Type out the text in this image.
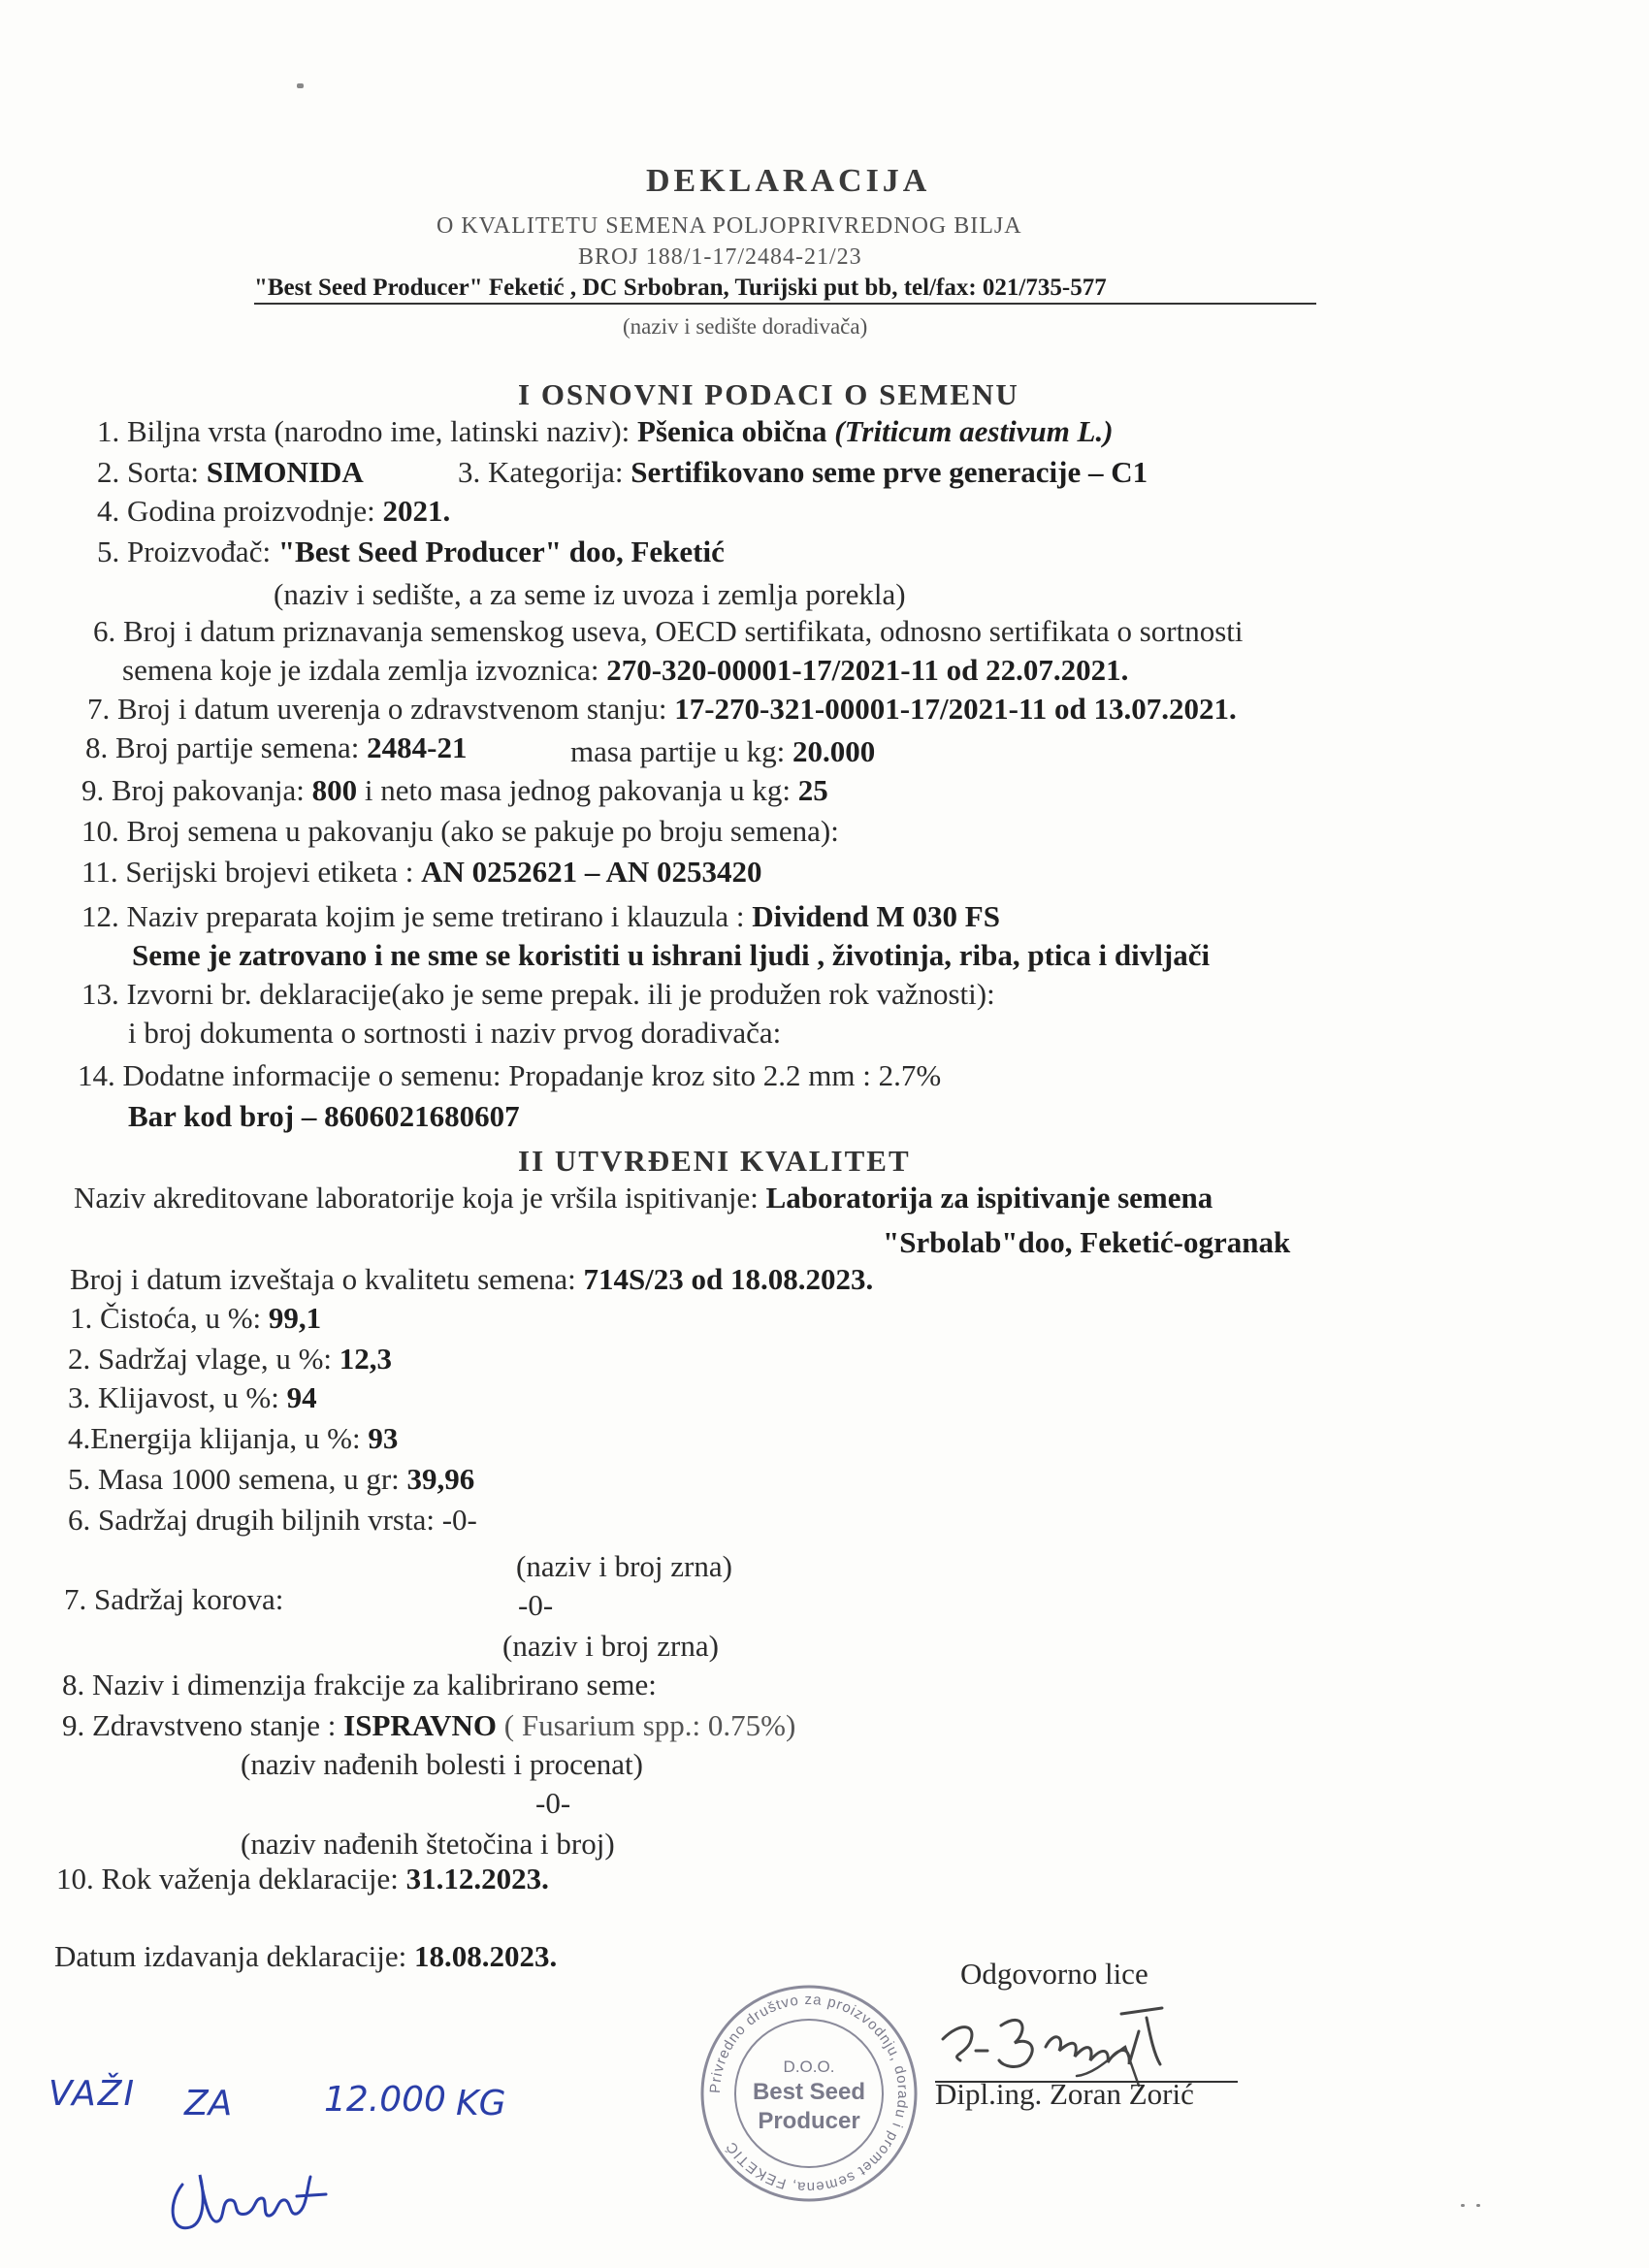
DEKLARACIJA
O KVALITETU SEMENA POLJOPRIVREDNOG BILJA
BROJ 188/1-17/2484-21/23
"Best Seed Producer" Feketić , DC Srbobran, Turijski put bb, tel/fax: 021/735-577
(naziv i sedište doradivača)
I OSNOVNI PODACI O SEMENU
1. Biljna vrsta (narodno ime, latinski naziv): Pšenica obična (Triticum aestivum L.)
2. Sorta: SIMONIDA	3. Kategorija: Sertifikovano seme prve generacije – C1
4. Godina proizvodnje: 2021.
5. Proizvođač: "Best Seed Producer" doo, Feketić
(naziv i sedište, a za seme iz uvoza i zemlja porekla)
6. Broj i datum priznavanja semenskog useva, OECD sertifikata, odnosno sertifikata o sortnosti
semena koje je izdala zemlja izvoznica: 270-320-00001-17/2021-11 od 22.07.2021.
7. Broj i datum uverenja o zdravstvenom stanju: 17-270-321-00001-17/2021-11 od 13.07.2021.
8. Broj partije semena: 2484-21	masa partije u kg: 20.000
9. Broj pakovanja: 800 i neto masa jednog pakovanja u kg: 25
10. Broj semena u pakovanju (ako se pakuje po broju semena):
11. Serijski brojevi etiketa : AN 0252621 – AN 0253420
12. Naziv preparata kojim je seme tretirano i klauzula : Dividend M 030 FS
Seme je zatrovano i ne sme se koristiti u ishrani ljudi , životinja, riba, ptica i divljači
13. Izvorni br. deklaracije(ako je seme prepak. ili je produžen rok važnosti):
i broj dokumenta o sortnosti i naziv prvog doradivača:
14. Dodatne informacije o semenu: Propadanje kroz sito 2.2 mm : 2.7%
Bar kod broj – 8606021680607
II UTVRĐENI KVALITET
Naziv akreditovane laboratorije koja je vršila ispitivanje: Laboratorija za ispitivanje semena
"Srbolab"doo, Feketić-ogranak
Broj i datum izveštaja o kvalitetu semena: 714S/23 od 18.08.2023.
1. Čistoća, u %: 99,1
2. Sadržaj vlage, u %: 12,3
3. Klijavost, u %: 94
4.Energija klijanja, u %: 93
5. Masa 1000 semena, u gr: 39,96
6. Sadržaj drugih biljnih vrsta: -0-
(naziv i broj zrna)
7. Sadržaj korova:	-0-
(naziv i broj zrna)
8. Naziv i dimenzija frakcije za kalibrirano seme:
9. Zdravstveno stanje : ISPRAVNO ( Fusarium spp.: 0.75%)
(naziv nađenih bolesti i procenat)
-0-
(naziv nađenih štetočina i broj)
10. Rok važenja deklaracije: 31.12.2023.
Datum izdavanja deklaracije: 18.08.2023.
Odgovorno lice
Privredno društvo za proizvodnju, doradu i promet semena, FEKETIĆ
D.O.O.
Best Seed
Producer
Dipl.ing. Zoran Zorić
VAŽI ZA	12.000 KG
